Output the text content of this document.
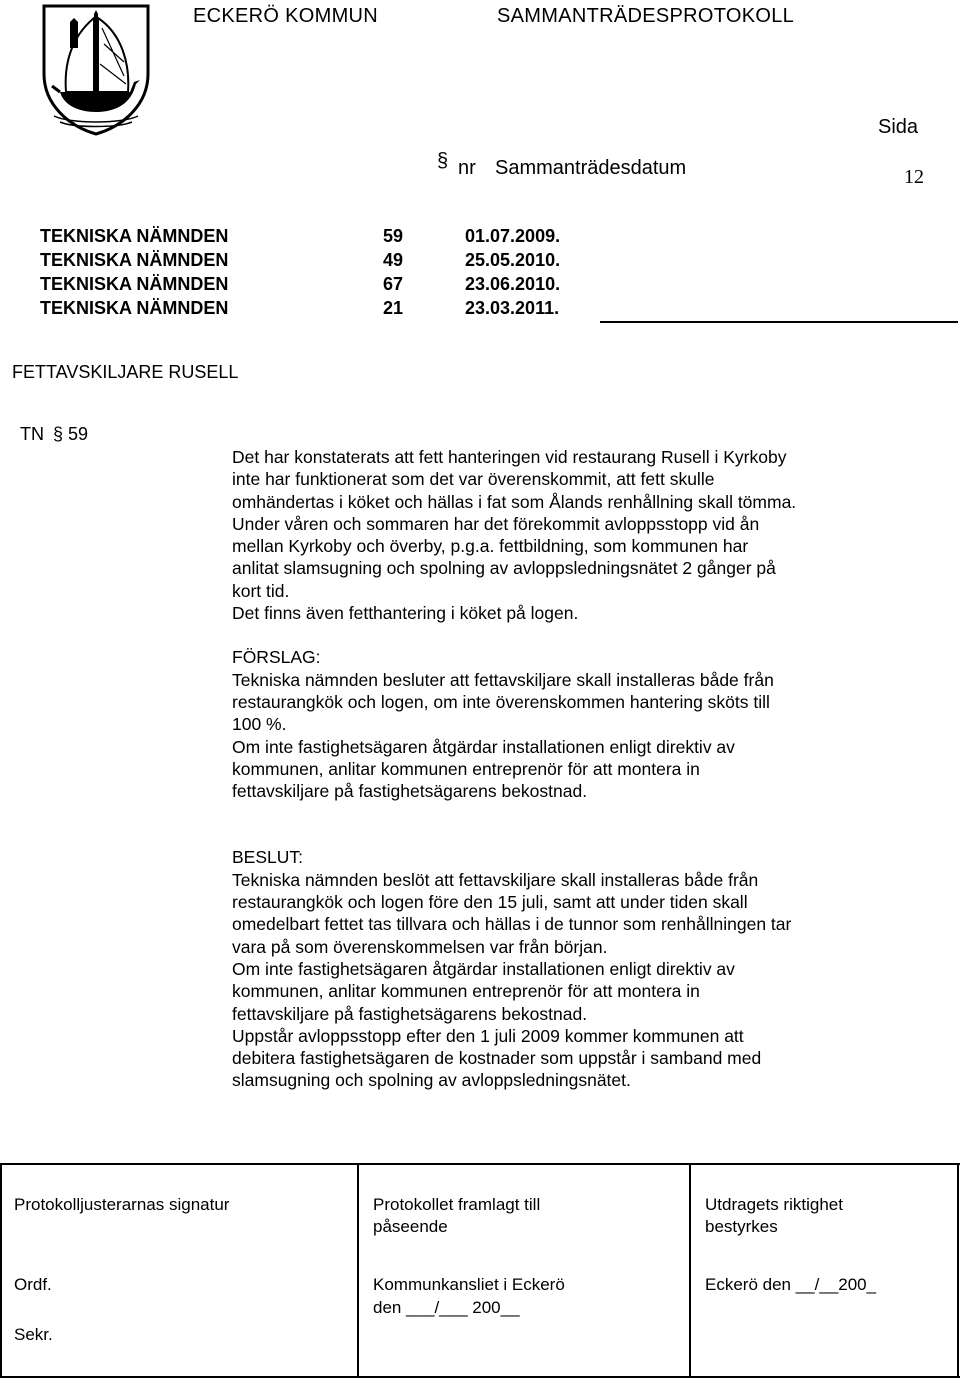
ECKERÖ KOMMUN	SAMMANTRÄDESPROTOKOLL
Sida
§ nr Sammanträdesdatum	12
TEKNISKA NÄMNDEN	59	01.07.2009.
TEKNISKA NÄMNDEN	49	25.05.2010.
TEKNISKA NÄMNDEN	67	23.06.2010.
TEKNISKA NÄMNDEN	21	23.03.2011.
FETTAVSKILJARE RUSELL
TN § 59

Det har konstaterats att fett hanteringen vid restaurang Rusell i Kyrkoby

inte har funktionerat som det var överenskommit, att fett skulle

omhändertas i köket och hällas i fat som Ålands renhållning skall tömma.

Under våren och sommaren har det förekommit avloppsstopp vid ån

mellan Kyrkoby och överby, p.g.a. fettbildning, som kommunen har

anlitat slamsugning och spolning av avloppsledningsnätet 2 gånger på

kort tid.

Det finns även fetthantering i köket på logen.

FÖRSLAG:

Tekniska nämnden besluter att fettavskiljare skall installeras både från

restaurangkök och logen, om inte överenskommen hantering sköts till

100 %.

Om inte fastighetsägaren åtgärdar installationen enligt direktiv av

kommunen, anlitar kommunen entreprenör för att montera in

fettavskiljare på fastighetsägarens bekostnad.

BESLUT:

Tekniska nämnden beslöt att fettavskiljare skall installeras både från

restaurangkök och logen före den 15 juli, samt att under tiden skall

omedelbart fettet tas tillvara och hällas i de tunnor som renhållningen tar

vara på som överenskommelsen var från början.

Om inte fastighetsägaren åtgärdar installationen enligt direktiv av

kommunen, anlitar kommunen entreprenör för att montera in

fettavskiljare på fastighetsägarens bekostnad.

Uppstår avloppsstopp efter den 1 juli 2009 kommer kommunen att

debitera fastighetsägaren de kostnader som uppstår i samband med

slamsugning och spolning av avloppsledningsnätet.

Protokolljusterarnas signatur
Ordf.
Sekr.
Protokollet framlagt till
påseende
Kommunkansliet i Eckerö
den ___/___ 200__
Utdragets riktighet
bestyrkes
Eckerö den __/__200_
